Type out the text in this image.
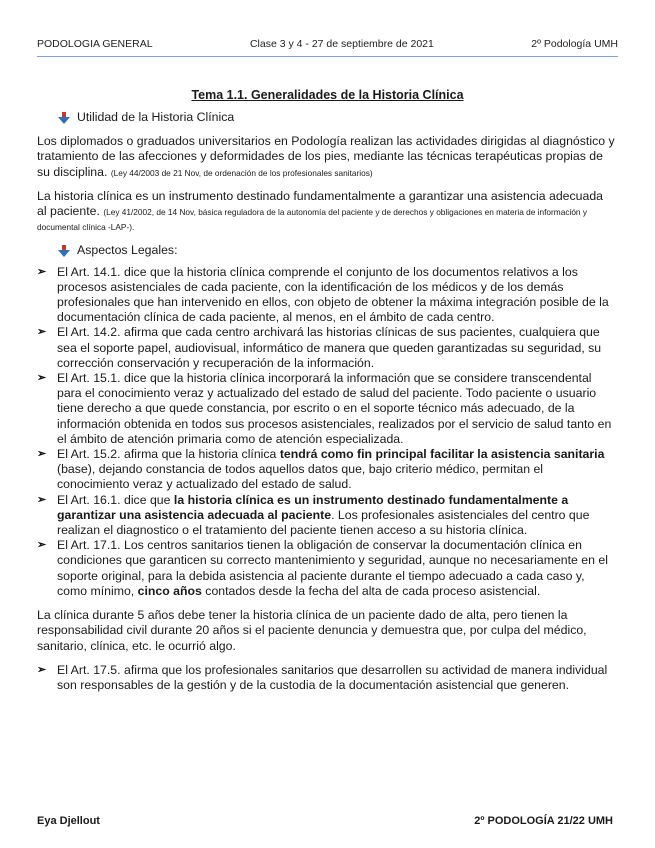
PODOLOGIA GENERAL	Clase 3 y 4 - 27 de septiembre de 2021	2º Podología UMH
Tema 1.1. Generalidades de la Historia Clínica
Utilidad de la Historia Clínica

Los diplomados o graduados universitarios en Podología realizan las actividades dirigidas al diagnóstico y tratamiento de las afecciones y deformidades de los pies, mediante las técnicas terapéuticas propias de su disciplina. (Ley 44/2003 de 21 Nov, de ordenación de los profesionales sanitarios)

La historia clínica es un instrumento destinado fundamentalmente a garantizar una asistencia adecuada al paciente. (Ley 41/2002, de 14 Nov, básica reguladora de la autonomía del paciente y de derechos y obligaciones en materia de información y documental clínica -LAP-).

Aspectos Legales:
➢ El Art. 14.1. dice que la historia clínica comprende el conjunto de los documentos relativos a los procesos asistenciales de cada paciente, con la identificación de los médicos y de los demás profesionales que han intervenido en ellos, con objeto de obtener la máxima integración posible de la documentación clínica de cada paciente, al menos, en el ámbito de cada centro.
➢ El Art. 14.2. afirma que cada centro archivará las historias clínicas de sus pacientes, cualquiera que sea el soporte papel, audiovisual, informático de manera que queden garantizadas su seguridad, su corrección conservación y recuperación de la información.
➢ El Art. 15.1. dice que la historia clínica incorporará la información que se considere transcendental para el conocimiento veraz y actualizado del estado de salud del paciente. Todo paciente o usuario tiene derecho a que quede constancia, por escrito o en el soporte técnico más adecuado, de la información obtenida en todos sus procesos asistenciales, realizados por el servicio de salud tanto en el ámbito de atención primaria como de atención especializada.
➢ El Art. 15.2. afirma que la historia clínica tendrá como fin principal facilitar la asistencia sanitaria (base), dejando constancia de todos aquellos datos que, bajo criterio médico, permitan el conocimiento veraz y actualizado del estado de salud.
➢ El Art. 16.1. dice que la historia clínica es un instrumento destinado fundamentalmente a garantizar una asistencia adecuada al paciente. Los profesionales asistenciales del centro que realizan el diagnostico o el tratamiento del paciente tienen acceso a su historia clínica.
➢ El Art. 17.1. Los centros sanitarios tienen la obligación de conservar la documentación clínica en condiciones que garanticen su correcto mantenimiento y seguridad, aunque no necesariamente en el soporte original, para la debida asistencia al paciente durante el tiempo adecuado a cada caso y, como mínimo, cinco años contados desde la fecha del alta de cada proceso asistencial.

La clínica durante 5 años debe tener la historia clínica de un paciente dado de alta, pero tienen la responsabilidad civil durante 20 años si el paciente denuncia y demuestra que, por culpa del médico, sanitario, clínica, etc. le ocurrió algo.

➢ El Art. 17.5. afirma que los profesionales sanitarios que desarrollen su actividad de manera individual son responsables de la gestión y de la custodia de la documentación asistencial que generen.
Eya Djellout	2º PODOLOGÍA 21/22 UMH
